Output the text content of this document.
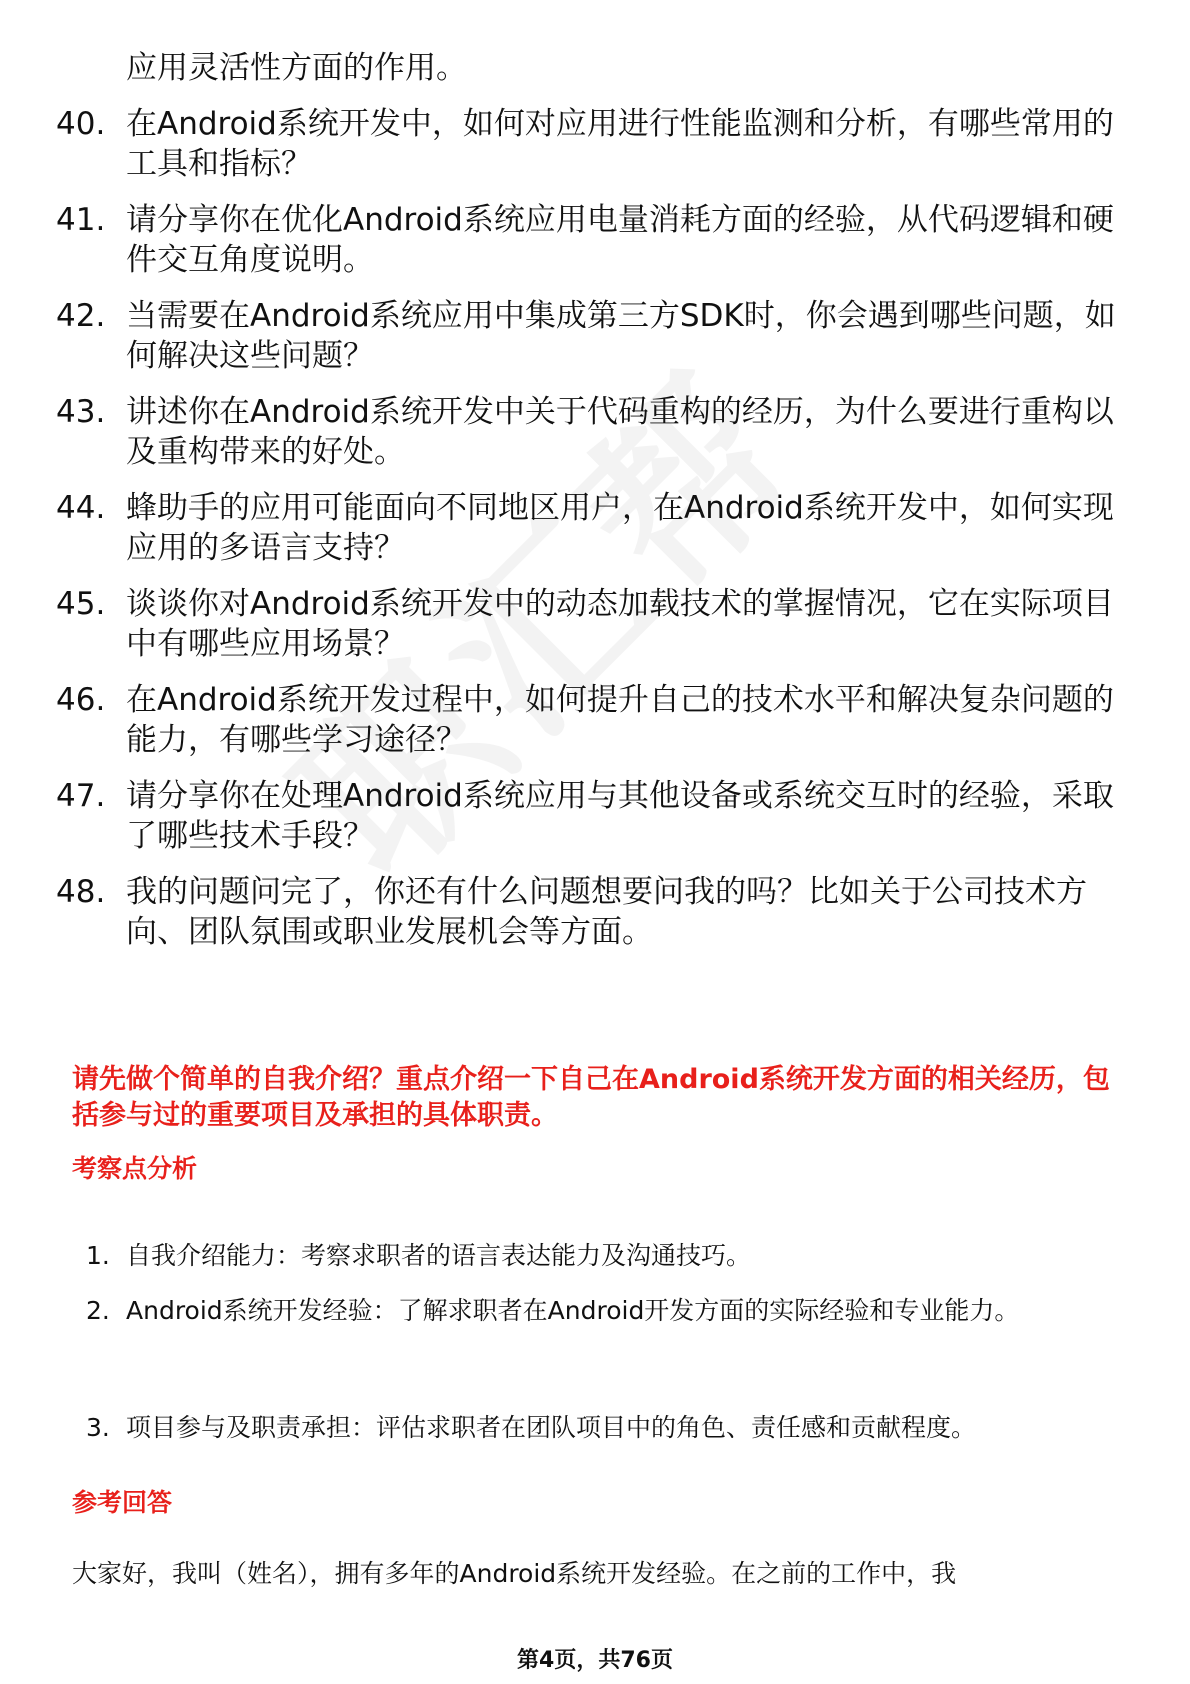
应用灵活性方面的作用。
40. 在Android系统开发中，如何对应用进行性能监测和分析，有哪些常用的工具和指标？
41. 请分享你在优化Android系统应用电量消耗方面的经验，从代码逻辑和硬件交互角度说明。
42. 当需要在Android系统应用中集成第三方SDK时，你会遇到哪些问题，如何解决这些问题？
43. 讲述你在Android系统开发中关于代码重构的经历，为什么要进行重构以及重构带来的好处。
44. 蜂助手的应用可能面向不同地区用户，在Android系统开发中，如何实现应用的多语言支持？
45. 谈谈你对Android系统开发中的动态加载技术的掌握情况，它在实际项目中有哪些应用场景？
46. 在Android系统开发过程中，如何提升自己的技术水平和解决复杂问题的能力，有哪些学习途径？
47. 请分享你在处理Android系统应用与其他设备或系统交互时的经验，采取了哪些技术手段？
48. 我的问题问完了，你还有什么问题想要问我的吗？比如关于公司技术方向、团队氛围或职业发展机会等方面。
请先做个简单的自我介绍？重点介绍一下自己在Android系统开发方面的相关经历，包括参与过的重要项目及承担的具体职责。
考察点分析
1. 自我介绍能力：考察求职者的语言表达能力及沟通技巧。
2. Android系统开发经验：了解求职者在Android开发方面的实际经验和专业能力。
3. 项目参与及职责承担：评估求职者在团队项目中的角色、责任感和贡献程度。
参考回答
大家好，我叫（姓名），拥有多年的Android系统开发经验。在之前的工作中，我
第4页，共76页
